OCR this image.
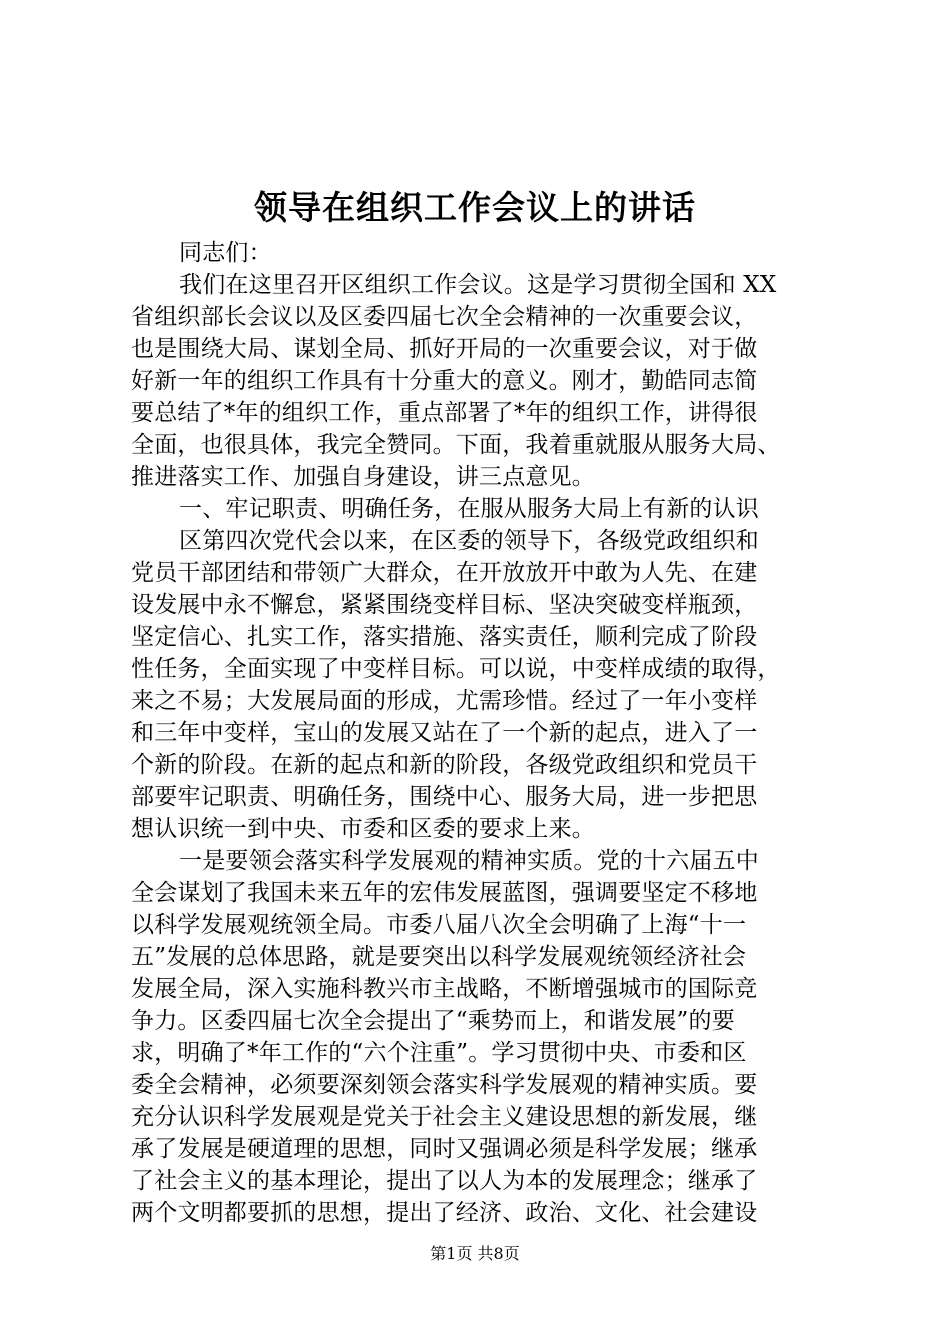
领导在组织工作会议上的讲话
同志们：
我们在这里召开区组织工作会议。这是学习贯彻全国和 XX
省组织部长会议以及区委四届七次全会精神的一次重要会议，
也是围绕大局、谋划全局、抓好开局的一次重要会议，对于做
好新一年的组织工作具有十分重大的意义。刚才，勤皓同志简
要总结了*年的组织工作，重点部署了*年的组织工作，讲得很
全面，也很具体，我完全赞同。下面，我着重就服从服务大局、
推进落实工作、加强自身建设，讲三点意见。
一、牢记职责、明确任务，在服从服务大局上有新的认识
区第四次党代会以来，在区委的领导下，各级党政组织和
党员干部团结和带领广大群众，在开放放开中敢为人先、在建
设发展中永不懈怠，紧紧围绕变样目标、坚决突破变样瓶颈，
坚定信心、扎实工作，落实措施、落实责任，顺利完成了阶段
性任务，全面实现了中变样目标。可以说，中变样成绩的取得，
来之不易；大发展局面的形成，尤需珍惜。经过了一年小变样
和三年中变样，宝山的发展又站在了一个新的起点，进入了一
个新的阶段。在新的起点和新的阶段，各级党政组织和党员干
部要牢记职责、明确任务，围绕中心、服务大局，进一步把思
想认识统一到中央、市委和区委的要求上来。
一是要领会落实科学发展观的精神实质。党的十六届五中
全会谋划了我国未来五年的宏伟发展蓝图，强调要坚定不移地
以科学发展观统领全局。市委八届八次全会明确了上海“十一
五”发展的总体思路，就是要突出以科学发展观统领经济社会
发展全局，深入实施科教兴市主战略，不断增强城市的国际竞
争力。区委四届七次全会提出了“乘势而上，和谐发展”的要
求，明确了*年工作的“六个注重”。学习贯彻中央、市委和区
委全会精神，必须要深刻领会落实科学发展观的精神实质。要
充分认识科学发展观是党关于社会主义建设思想的新发展，继
承了发展是硬道理的思想，同时又强调必须是科学发展；继承
了社会主义的基本理论，提出了以人为本的发展理念；继承了
两个文明都要抓的思想，提出了经济、政治、文化、社会建设
第1页 共8页
